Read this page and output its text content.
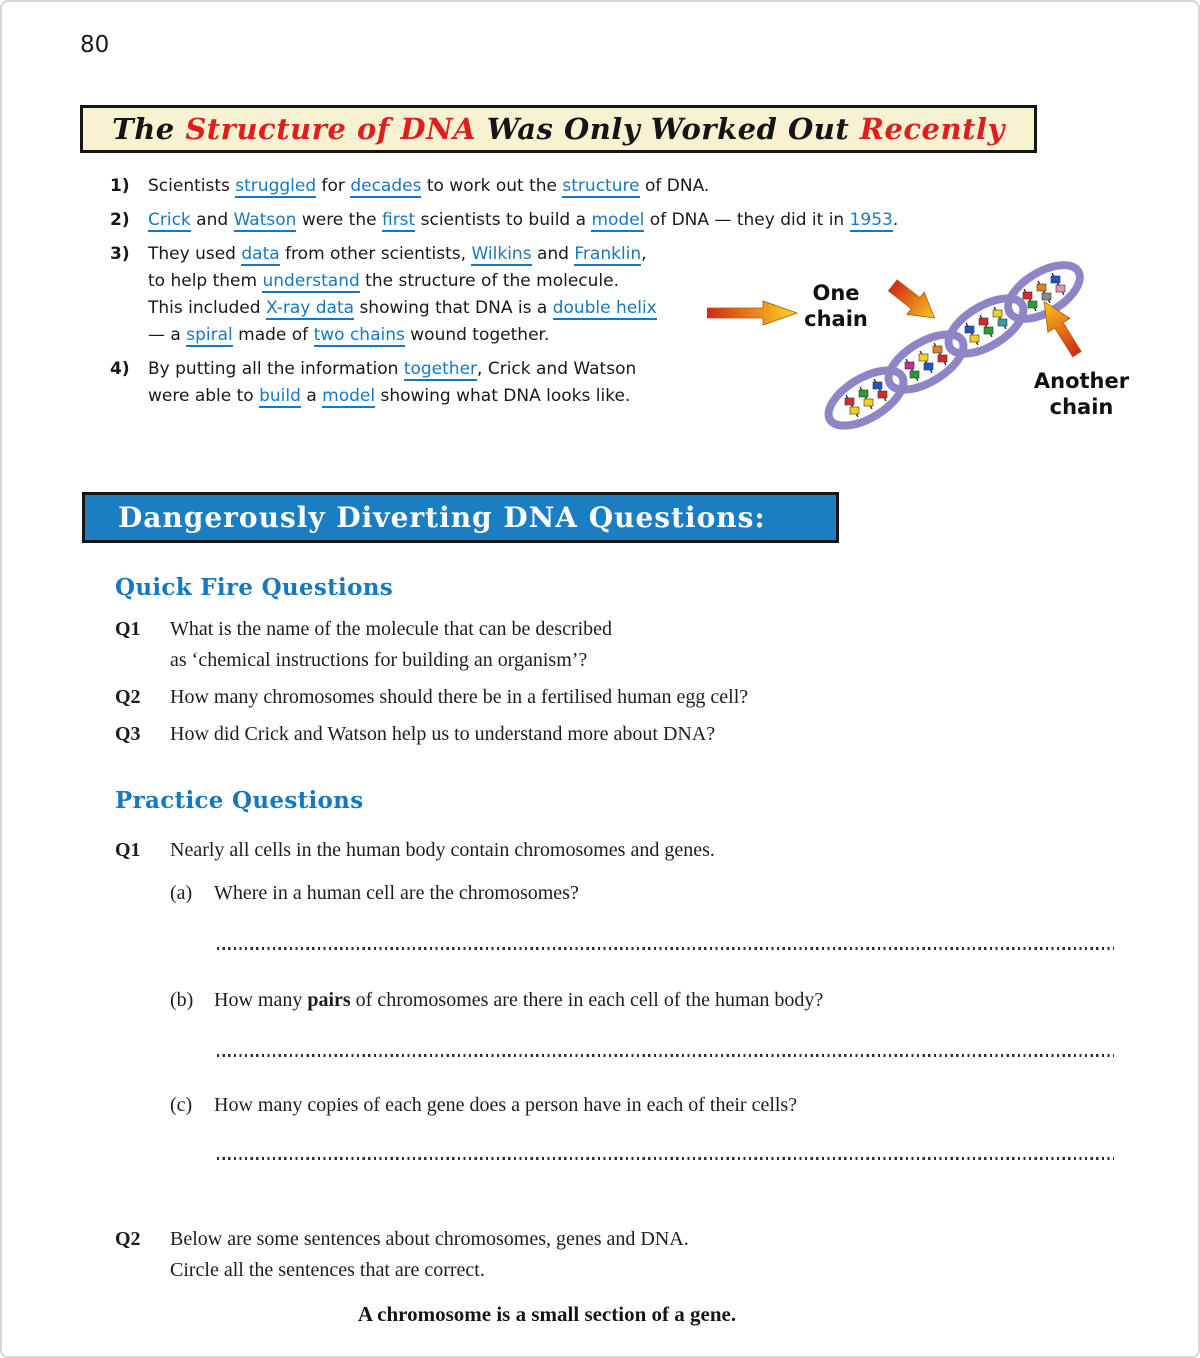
80
The Structure of DNA Was Only Worked Out Recently
1)	Scientists struggled for decades to work out the structure of DNA.
2)	Crick and Watson were the first scientists to build a model of DNA — they did it in 1953.
3)	They used data from other scientists, Wilkins and Franklin,
to help them understand the structure of the molecule.
This included X-ray data showing that DNA is a double helix
— a spiral made of two chains wound together.
4)	By putting all the information together, Crick and Watson
were able to build a model showing what DNA looks like.
One chain
Another chain
Dangerously Diverting DNA Questions:
Quick Fire Questions
Q1	What is the name of the molecule that can be described
as ‘chemical instructions for building an organism’?
Q2	How many chromosomes should there be in a fertilised human egg cell?
Q3	How did Crick and Watson help us to understand more about DNA?
Practice Questions
Q1	Nearly all cells in the human body contain chromosomes and genes.
(a)	Where in a human cell are the chromosomes?
(b)	How many pairs of chromosomes are there in each cell of the human body?
(c)	How many copies of each gene does a person have in each of their cells?
Q2	Below are some sentences about chromosomes, genes and DNA.
Circle all the sentences that are correct.
A chromosome is a small section of a gene.
